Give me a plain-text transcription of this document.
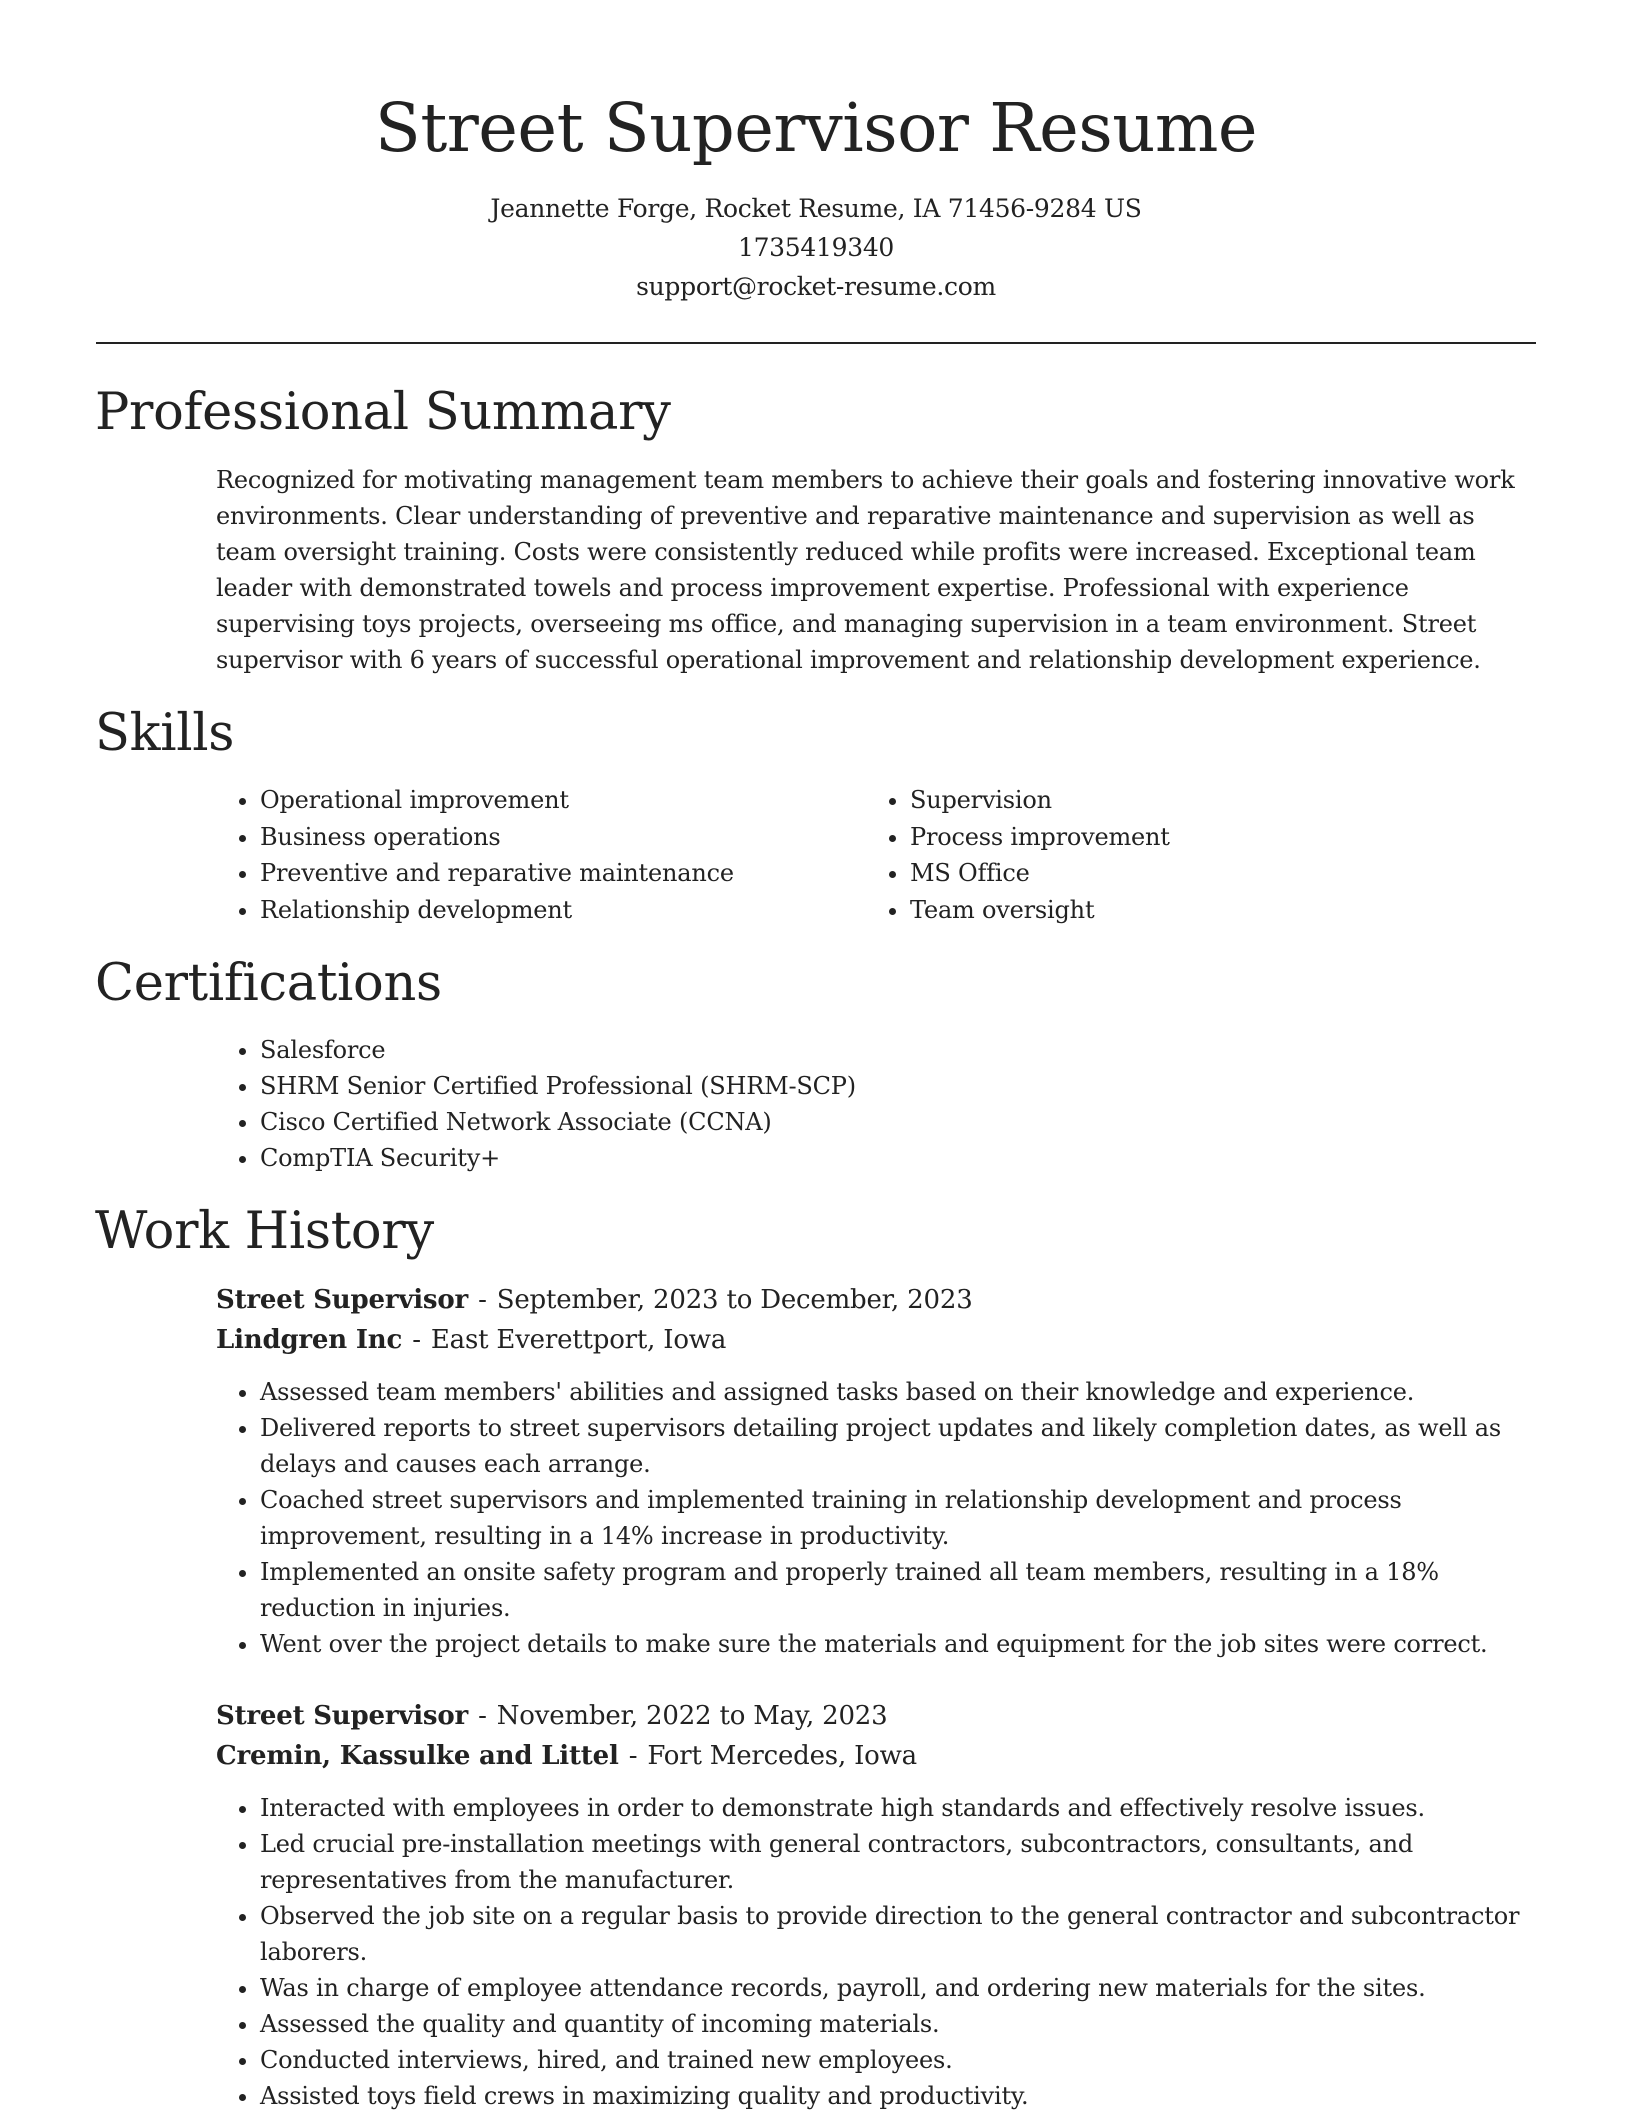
Street Supervisor Resume
Jeannette Forge, Rocket Resume, IA 71456-9284 US
1735419340
support@rocket-resume.com
Professional Summary

Recognized for motivating management team members to achieve their goals and fostering innovative work environments. Clear understanding of preventive and reparative maintenance and supervision as well as team oversight training. Costs were consistently reduced while profits were increased. Exceptional team leader with demonstrated towels and process improvement expertise. Professional with experience supervising toys projects, overseeing ms office, and managing supervision in a team environment. Street supervisor with 6 years of successful operational improvement and relationship development experience.

Skills
• Operational improvement
• Business operations
• Preventive and reparative maintenance
• Relationship development
• Supervision
• Process improvement
• MS Office
• Team oversight
Certifications
• Salesforce
• SHRM Senior Certified Professional (SHRM-SCP)
• Cisco Certified Network Associate (CCNA)
• CompTIA Security+
Work History
Street Supervisor - September, 2023 to December, 2023
Lindgren Inc - East Everettport, Iowa
• Assessed team members' abilities and assigned tasks based on their knowledge and experience.
• Delivered reports to street supervisors detailing project updates and likely completion dates, as well as delays and causes each arrange.
• Coached street supervisors and implemented training in relationship development and process improvement, resulting in a 14% increase in productivity.
• Implemented an onsite safety program and properly trained all team members, resulting in a 18% reduction in injuries.
• Went over the project details to make sure the materials and equipment for the job sites were correct.
Street Supervisor - November, 2022 to May, 2023
Cremin, Kassulke and Littel - Fort Mercedes, Iowa
• Interacted with employees in order to demonstrate high standards and effectively resolve issues.
• Led crucial pre-installation meetings with general contractors, subcontractors, consultants, and representatives from the manufacturer.
• Observed the job site on a regular basis to provide direction to the general contractor and subcontractor laborers.
• Was in charge of employee attendance records, payroll, and ordering new materials for the sites.
• Assessed the quality and quantity of incoming materials.
• Conducted interviews, hired, and trained new employees.
• Assisted toys field crews in maximizing quality and productivity.
